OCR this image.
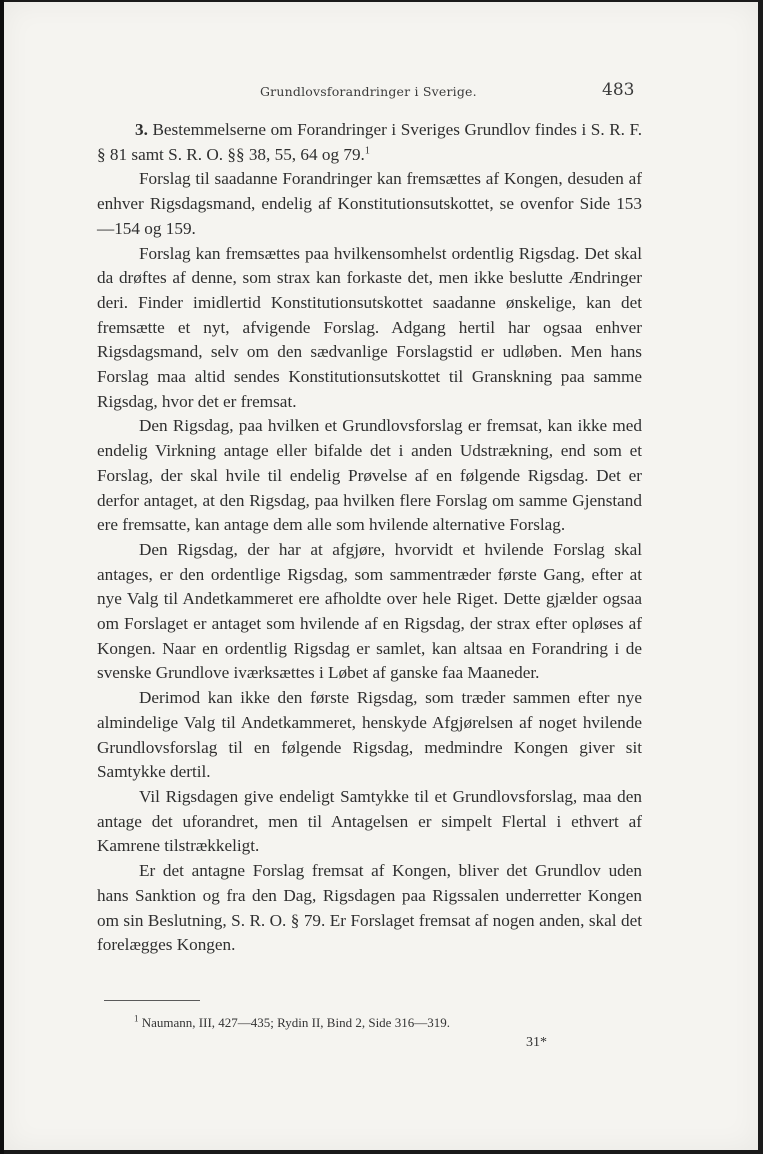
Grundlovsforandringer i Sverige.	483

3. Bestemmelserne om Forandringer i Sveriges Grundlov findes i S. R. F. § 81 samt S. R. O. §§ 38, 55, 64 og 79.$^1$

Forslag til saadanne Forandringer kan fremsættes af Kongen, desuden af enhver Rigsdagsmand, endelig af Konstitutionsutskottet, se ovenfor Side 153—154 og 159.

Forslag kan fremsættes paa hvilkensomhelst ordentlig Rigsdag. Det skal da drøftes af denne, som strax kan forkaste det, men ikke beslutte Ændringer deri. Finder imidlertid Konstitutionsutskottet saadanne ønskelige, kan det fremsætte et nyt, afvigende Forslag. Adgang hertil har ogsaa enhver Rigsdagsmand, selv om den sædvanlige Forslagstid er udløben. Men hans Forslag maa altid sendes Konstitutionsutskottet til Granskning paa samme Rigsdag, hvor det er fremsat.

Den Rigsdag, paa hvilken et Grundlovsforslag er fremsat, kan ikke med endelig Virkning antage eller bifalde det i anden Udstrækning, end som et Forslag, der skal hvile til endelig Prøvelse af en følgende Rigsdag. Det er derfor antaget, at den Rigsdag, paa hvilken flere Forslag om samme Gjenstand ere fremsatte, kan antage dem alle som hvilende alternative Forslag.

Den Rigsdag, der har at afgjøre, hvorvidt et hvilende Forslag skal antages, er den ordentlige Rigsdag, som sammentræder første Gang, efter at nye Valg til Andetkammeret ere afholdte over hele Riget. Dette gjælder ogsaa om Forslaget er antaget som hvilende af en Rigsdag, der strax efter opløses af Kongen. Naar en ordentlig Rigsdag er samlet, kan altsaa en Forandring i de svenske Grundlove iværksættes i Løbet af ganske faa Maaneder.

Derimod kan ikke den første Rigsdag, som træder sammen efter nye almindelige Valg til Andetkammeret, henskyde Afgjørelsen af noget hvilende Grundlovsforslag til en følgende Rigsdag, medmindre Kongen giver sit Samtykke dertil.

Vil Rigsdagen give endeligt Samtykke til et Grundlovsforslag, maa den antage det uforandret, men til Antagelsen er simpelt Flertal i ethvert af Kamrene tilstrækkeligt.

Er det antagne Forslag fremsat af Kongen, bliver det Grundlov uden hans Sanktion og fra den Dag, Rigsdagen paa Rigssalen underretter Kongen om sin Beslutning, S. R. O. § 79. Er Forslaget fremsat af nogen anden, skal det forelægges Kongen.

$^1$ Naumann, III, 427—435; Rydin II, Bind 2, Side 316—319.
31*
